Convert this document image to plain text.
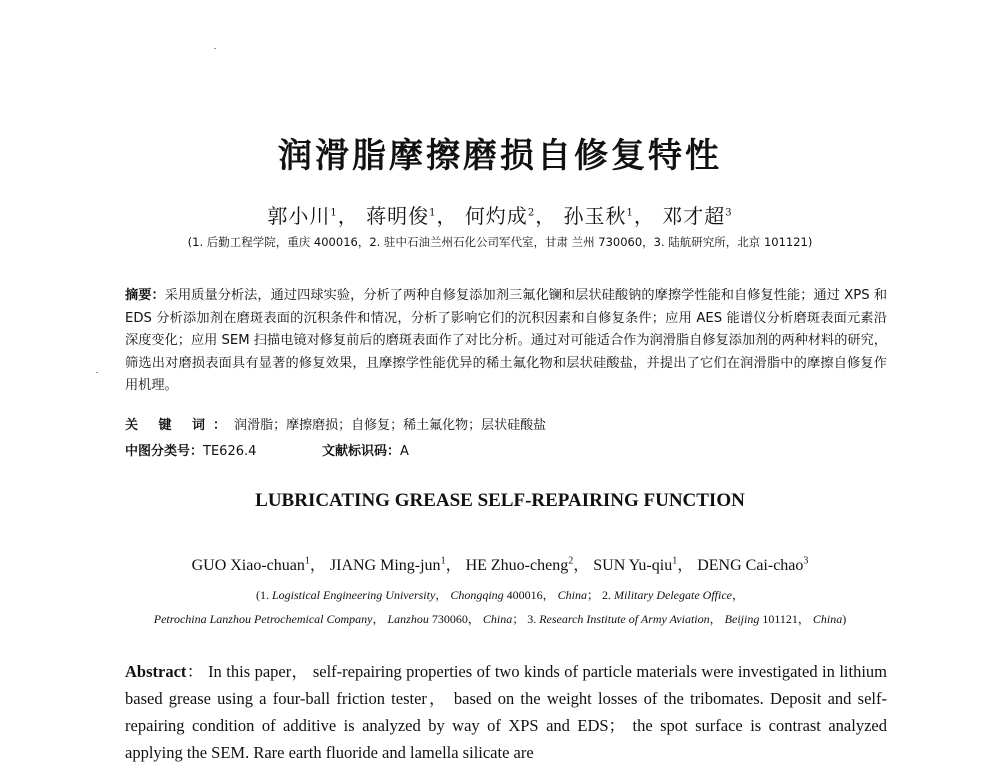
润滑脂摩擦磨损自修复特性
郭小川$^1$， 蒋明俊$^1$， 何灼成$^2$， 孙玉秋$^1$， 邓才超$^3$
(1. 后勤工程学院，重庆 400016，2. 驻中石油兰州石化公司军代室，甘肃 兰州 730060，3. 陆航研究所，北京 101121)
摘要：采用质量分析法，通过四球实验，分析了两种自修复添加剂三氟化镧和层状硅酸钠的摩擦学性能和自修复性能；通过 XPS 和 EDS 分析添加剂在磨斑表面的沉积条件和情况，分析了影响它们的沉积因素和自修复条件；应用 AES 能谱仪分析磨斑表面元素沿深度变化；应用 SEM 扫描电镜对修复前后的磨斑表面作了对比分析。通过对可能适合作为润滑脂自修复添加剂的两种材料的研究，筛选出对磨损表面具有显著的修复效果，且摩擦学性能优异的稀土氟化物和层状硅酸盐，并提出了它们在润滑脂中的摩擦自修复作用机理。
关 键 词：润滑脂；摩擦磨损；自修复；稀土氟化物；层状硅酸盐
中图分类号：TE626.4	文献标识码：A
LUBRICATING GREASE SELF-REPAIRING FUNCTION
GUO Xiao-chuan$^1$， JIANG Ming-jun$^1$， HE Zhuo-cheng$^2$， SUN Yu-qiu$^1$， DENG Cai-chao$^3$
(1. Logistical Engineering University， Chongqing 400016， China； 2. Military Delegate Office，
Petrochina Lanzhou Petrochemical Company， Lanzhou 730060， China； 3. Research Institute of Army Aviation， Beijing 101121， China)
Abstract： In this paper， self-repairing properties of two kinds of particle materials were investigated in lithium based grease using a four-ball friction tester， based on the weight losses of the tribomates. Deposit and self- repairing condition of additive is analyzed by way of XPS and EDS； the spot surface is contrast analyzed applying the SEM. Rare earth fluoride and lamella silicate are
